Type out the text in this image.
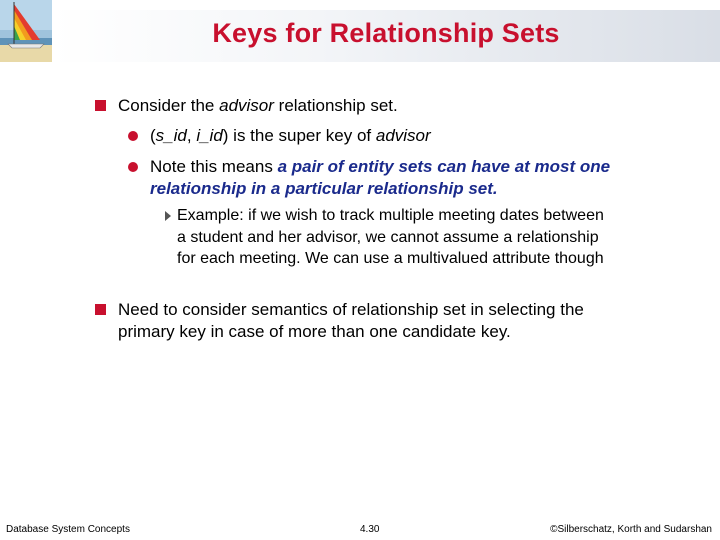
Keys for Relationship Sets
Consider the advisor relationship set.
(s_id, i_id) is the super key of advisor
Note this means a pair of entity sets can have at most one relationship in a particular relationship set.
Example: if we wish to track multiple meeting dates between a student and her advisor, we cannot assume a relationship for each meeting. We can use a multivalued attribute though
Need to consider semantics of relationship set in selecting the primary key in case of more than one candidate key.
Database System Concepts	4.30	©Silberschatz, Korth and Sudarshan
